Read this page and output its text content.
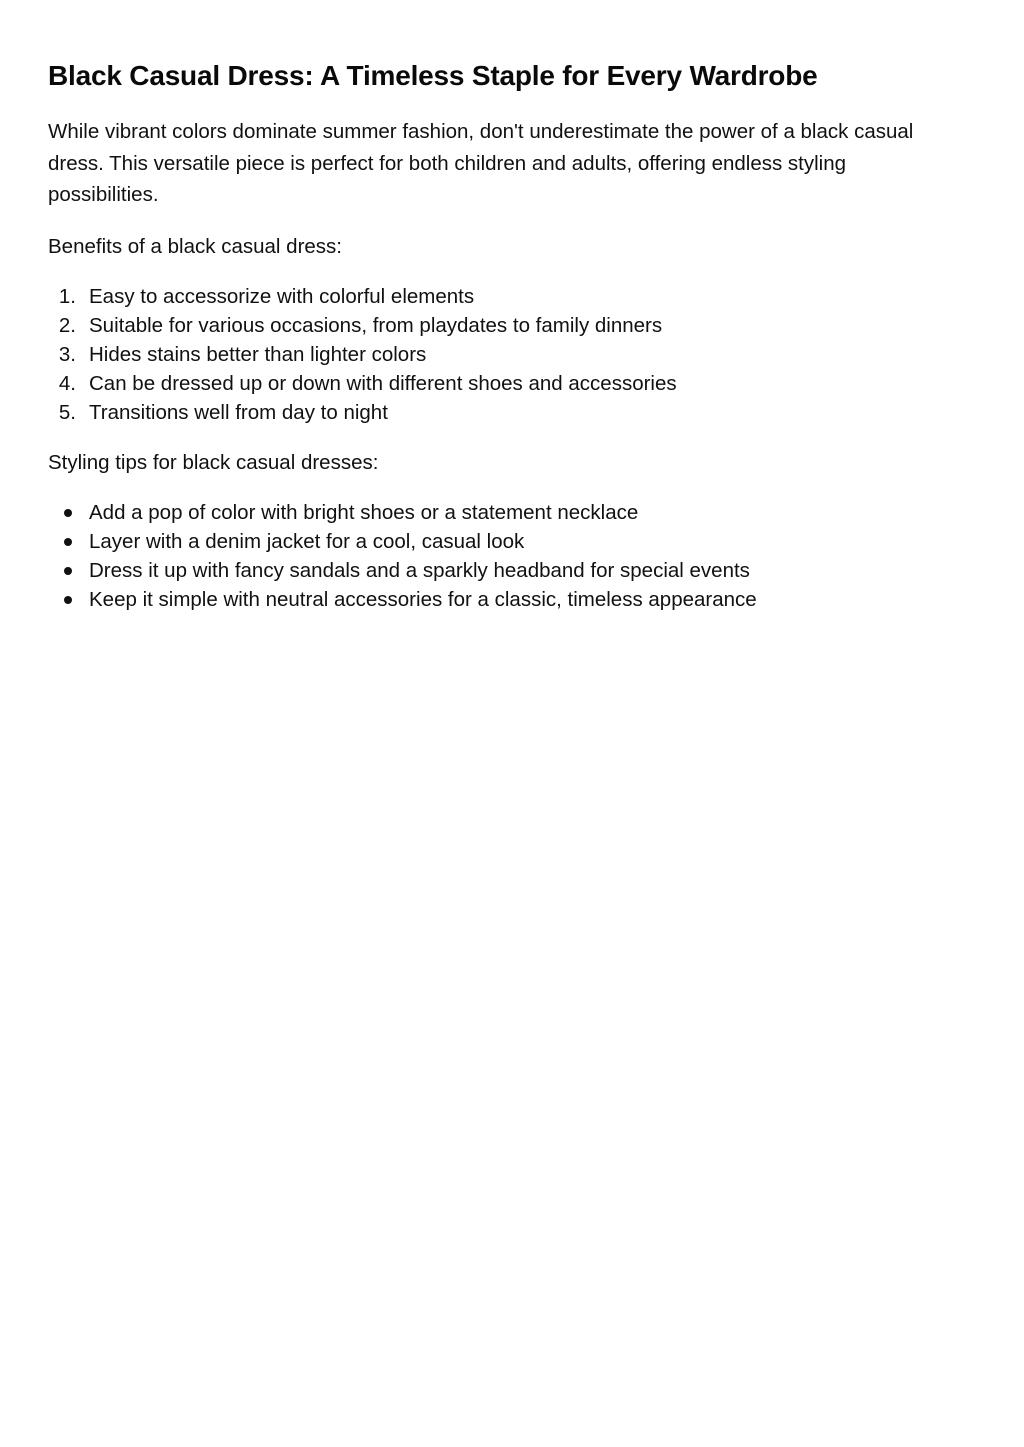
Black Casual Dress: A Timeless Staple for Every Wardrobe

While vibrant colors dominate summer fashion, don't underestimate the power of a black casual dress. This versatile piece is perfect for both children and adults, offering endless styling possibilities.

Benefits of a black casual dress:

1. Easy to accessorize with colorful elements
2. Suitable for various occasions, from playdates to family dinners
3. Hides stains better than lighter colors
4. Can be dressed up or down with different shoes and accessories
5. Transitions well from day to night

Styling tips for black casual dresses:

Add a pop of color with bright shoes or a statement necklace
Layer with a denim jacket for a cool, casual look
Dress it up with fancy sandals and a sparkly headband for special events
Keep it simple with neutral accessories for a classic, timeless appearance
